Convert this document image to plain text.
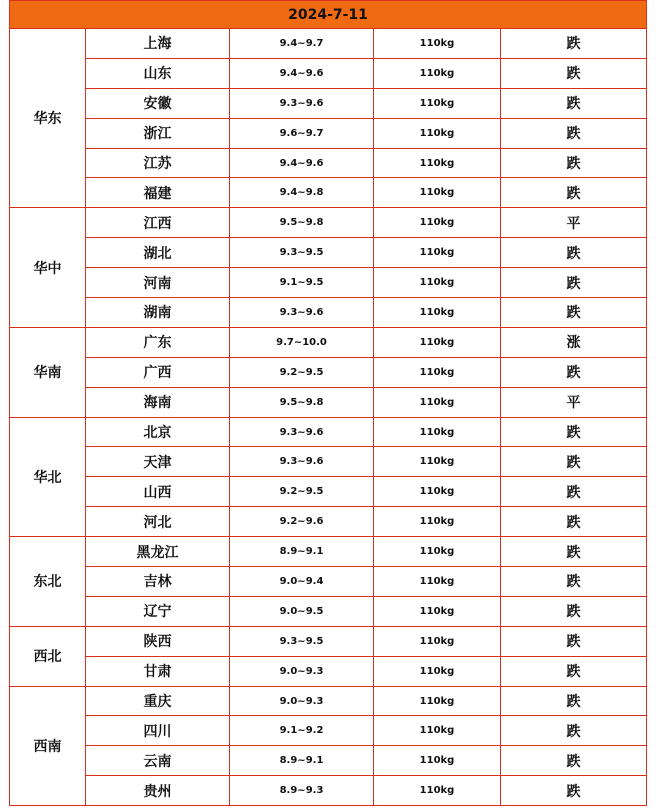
2024-7-11				
华东	上海	9.4~9.7	110kg	跌
	山东	9.4~9.6	110kg	跌
	安徽	9.3~9.6	110kg	跌
	浙江	9.6~9.7	110kg	跌
	江苏	9.4~9.6	110kg	跌
	福建	9.4~9.8	110kg	跌
华中	江西	9.5~9.8	110kg	平
	湖北	9.3~9.5	110kg	跌
	河南	9.1~9.5	110kg	跌
	湖南	9.3~9.6	110kg	跌
华南	广东	9.7~10.0	110kg	涨
	广西	9.2~9.5	110kg	跌
	海南	9.5~9.8	110kg	平
华北	北京	9.3~9.6	110kg	跌
	天津	9.3~9.6	110kg	跌
	山西	9.2~9.5	110kg	跌
	河北	9.2~9.6	110kg	跌
东北	黑龙江	8.9~9.1	110kg	跌
	吉林	9.0~9.4	110kg	跌
	辽宁	9.0~9.5	110kg	跌
西北	陕西	9.3~9.5	110kg	跌
	甘肃	9.0~9.3	110kg	跌
西南	重庆	9.0~9.3	110kg	跌
	四川	9.1~9.2	110kg	跌
	云南	8.9~9.1	110kg	跌
	贵州	8.9~9.3	110kg	跌
